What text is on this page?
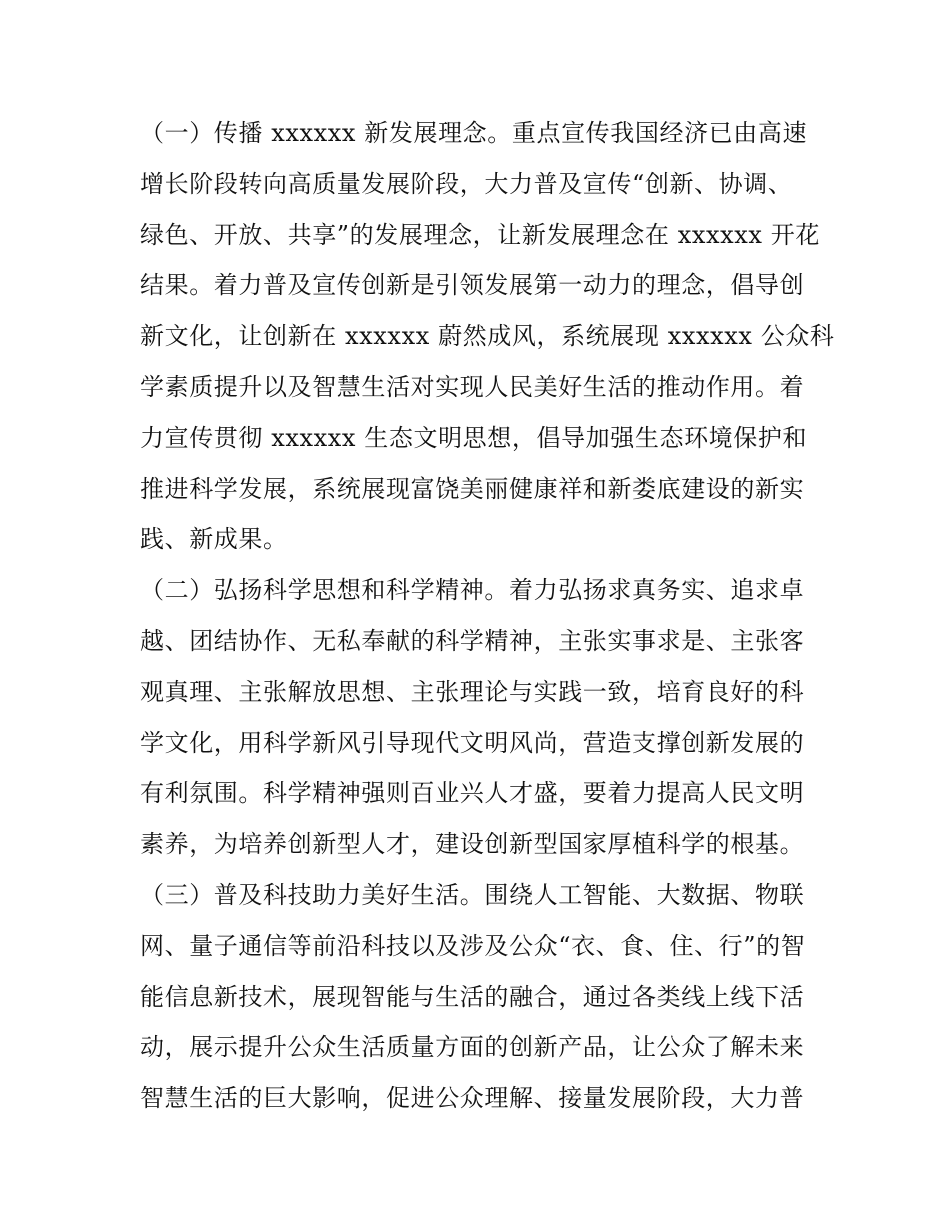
（一）传播 xxxxxx 新发展理念。重点宣传我国经济已由高速
增长阶段转向高质量发展阶段，大力普及宣传“创新、协调、
绿色、开放、共享”的发展理念，让新发展理念在 xxxxxx 开花
结果。着力普及宣传创新是引领发展第一动力的理念，倡导创
新文化，让创新在 xxxxxx 蔚然成风，系统展现 xxxxxx 公众科
学素质提升以及智慧生活对实现人民美好生活的推动作用。着
力宣传贯彻 xxxxxx 生态文明思想，倡导加强生态环境保护和
推进科学发展，系统展现富饶美丽健康祥和新娄底建设的新实
践、新成果。
（二）弘扬科学思想和科学精神。着力弘扬求真务实、追求卓
越、团结协作、无私奉献的科学精神，主张实事求是、主张客
观真理、主张解放思想、主张理论与实践一致，培育良好的科
学文化，用科学新风引导现代文明风尚，营造支撑创新发展的
有利氛围。科学精神强则百业兴人才盛，要着力提高人民文明
素养，为培养创新型人才，建设创新型国家厚植科学的根基。
（三）普及科技助力美好生活。围绕人工智能、大数据、物联
网、量子通信等前沿科技以及涉及公众“衣、食、住、行”的智
能信息新技术，展现智能与生活的融合，通过各类线上线下活
动，展示提升公众生活质量方面的创新产品，让公众了解未来
智慧生活的巨大影响，促进公众理解、接量发展阶段，大力普
